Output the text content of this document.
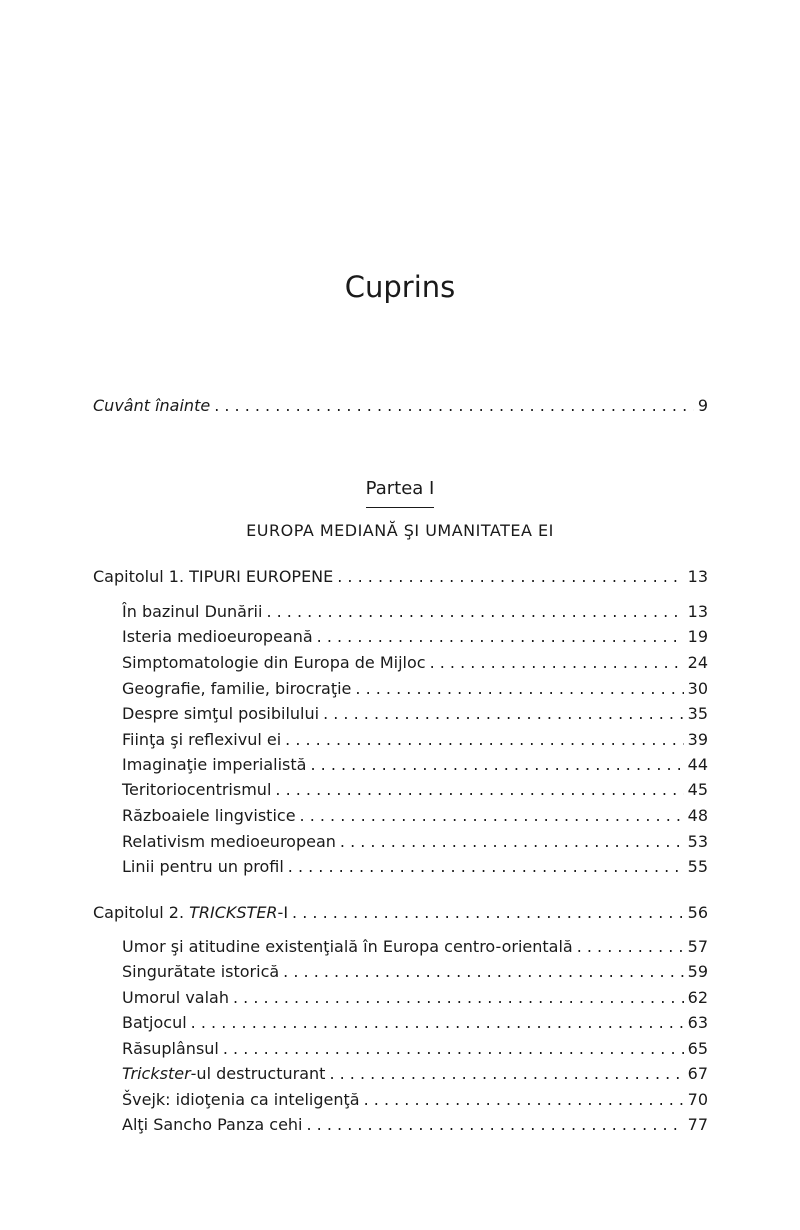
Cuprins
Cuvânt înainte . . .	9
Partea I
EUROPA MEDIANĂ ŞI UMANITATEA EI
Capitolul 1. TIPURI EUROPENE . . .	13
În bazinul Dunării . . .	13
Isteria medioeuropeană . . .	19
Simptomatologie din Europa de Mijloc . . .	24
Geografie, familie, birocraţie . . .	30
Despre simţul posibilului . . .	35
Fiinţa şi reflexivul ei . . .	39
Imaginaţie imperialistă . . .	44
Teritoriocentrismul . . .	45
Războaiele lingvistice . . .	48
Relativism medioeuropean . . .	53
Linii pentru un profil . . .	55
Capitolul 2. TRICKSTER-I . . .	56
Umor şi atitudine existenţială în Europa centro-orientală . . .	57
Singurătate istorică . . .	59
Umorul valah . . .	62
Batjocul . . .	63
Răsuplânsul . . .	65
Trickster-ul destructurant . . .	67
Švejk: idioţenia ca inteligenţă . . .	70
Alţi Sancho Panza cehi . . .	77
